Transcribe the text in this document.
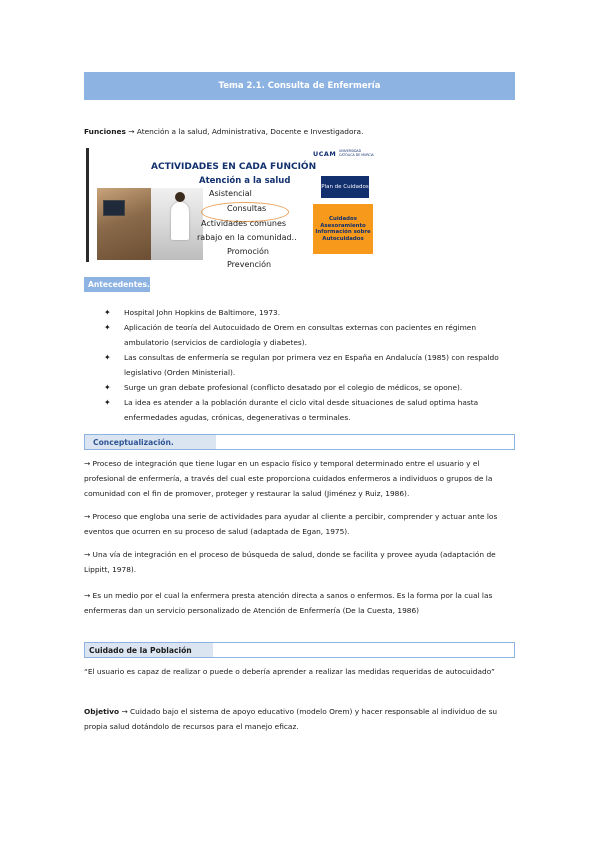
Tema 2.1. Consulta de Enfermería
Funciones → Atención a la salud, Administrativa, Docente e Investigadora.
UCAM UNIVERSIDAD CATÓLICA DE MURCIA
ACTIVIDADES EN CADA FUNCIÓN
Atención a la salud
Asistencial
Consultas
Actividades comunes
rabajo en la comunidad..
Promoción
Prevención
Plan de Cuidados
Cuidados Asesoramiento Información sobre Autocuidados
Antecedentes.
✦ Hospital John Hopkins de Baltimore, 1973.
✦ Aplicación de teoría del Autocuidado de Orem en consultas externas con pacientes en régimen ambulatorio (servicios de cardiología y diabetes).
✦ Las consultas de enfermería se regulan por primera vez en España en Andalucía (1985) con respaldo legislativo (Orden Ministerial).
✦ Surge un gran debate profesional (conflicto desatado por el colegio de médicos, se opone).
✦ La idea es atender a la población durante el ciclo vital desde situaciones de salud optima hasta enfermedades agudas, crónicas, degenerativas o terminales.
Conceptualización.
→ Proceso de integración que tiene lugar en un espacio físico y temporal determinado entre el usuario y el profesional de enfermería, a través del cual este proporciona cuidados enfermeros a individuos o grupos de la comunidad con el fin de promover, proteger y restaurar la salud (Jiménez y Ruiz, 1986).
→ Proceso que engloba una serie de actividades para ayudar al cliente a percibir, comprender y actuar ante los eventos que ocurren en su proceso de salud (adaptada de Egan, 1975).
→ Una vía de integración en el proceso de búsqueda de salud, donde se facilita y provee ayuda (adaptación de Lippitt, 1978).
→ Es un medio por el cual la enfermera presta atención directa a sanos o enfermos. Es la forma por la cual las enfermeras dan un servicio personalizado de Atención de Enfermería (De la Cuesta, 1986)
Cuidado de la Población
“El usuario es capaz de realizar o puede o debería aprender a realizar las medidas requeridas de autocuidado”
Objetivo → Cuidado bajo el sistema de apoyo educativo (modelo Orem) y hacer responsable al individuo de su propia salud dotándolo de recursos para el manejo eficaz.
